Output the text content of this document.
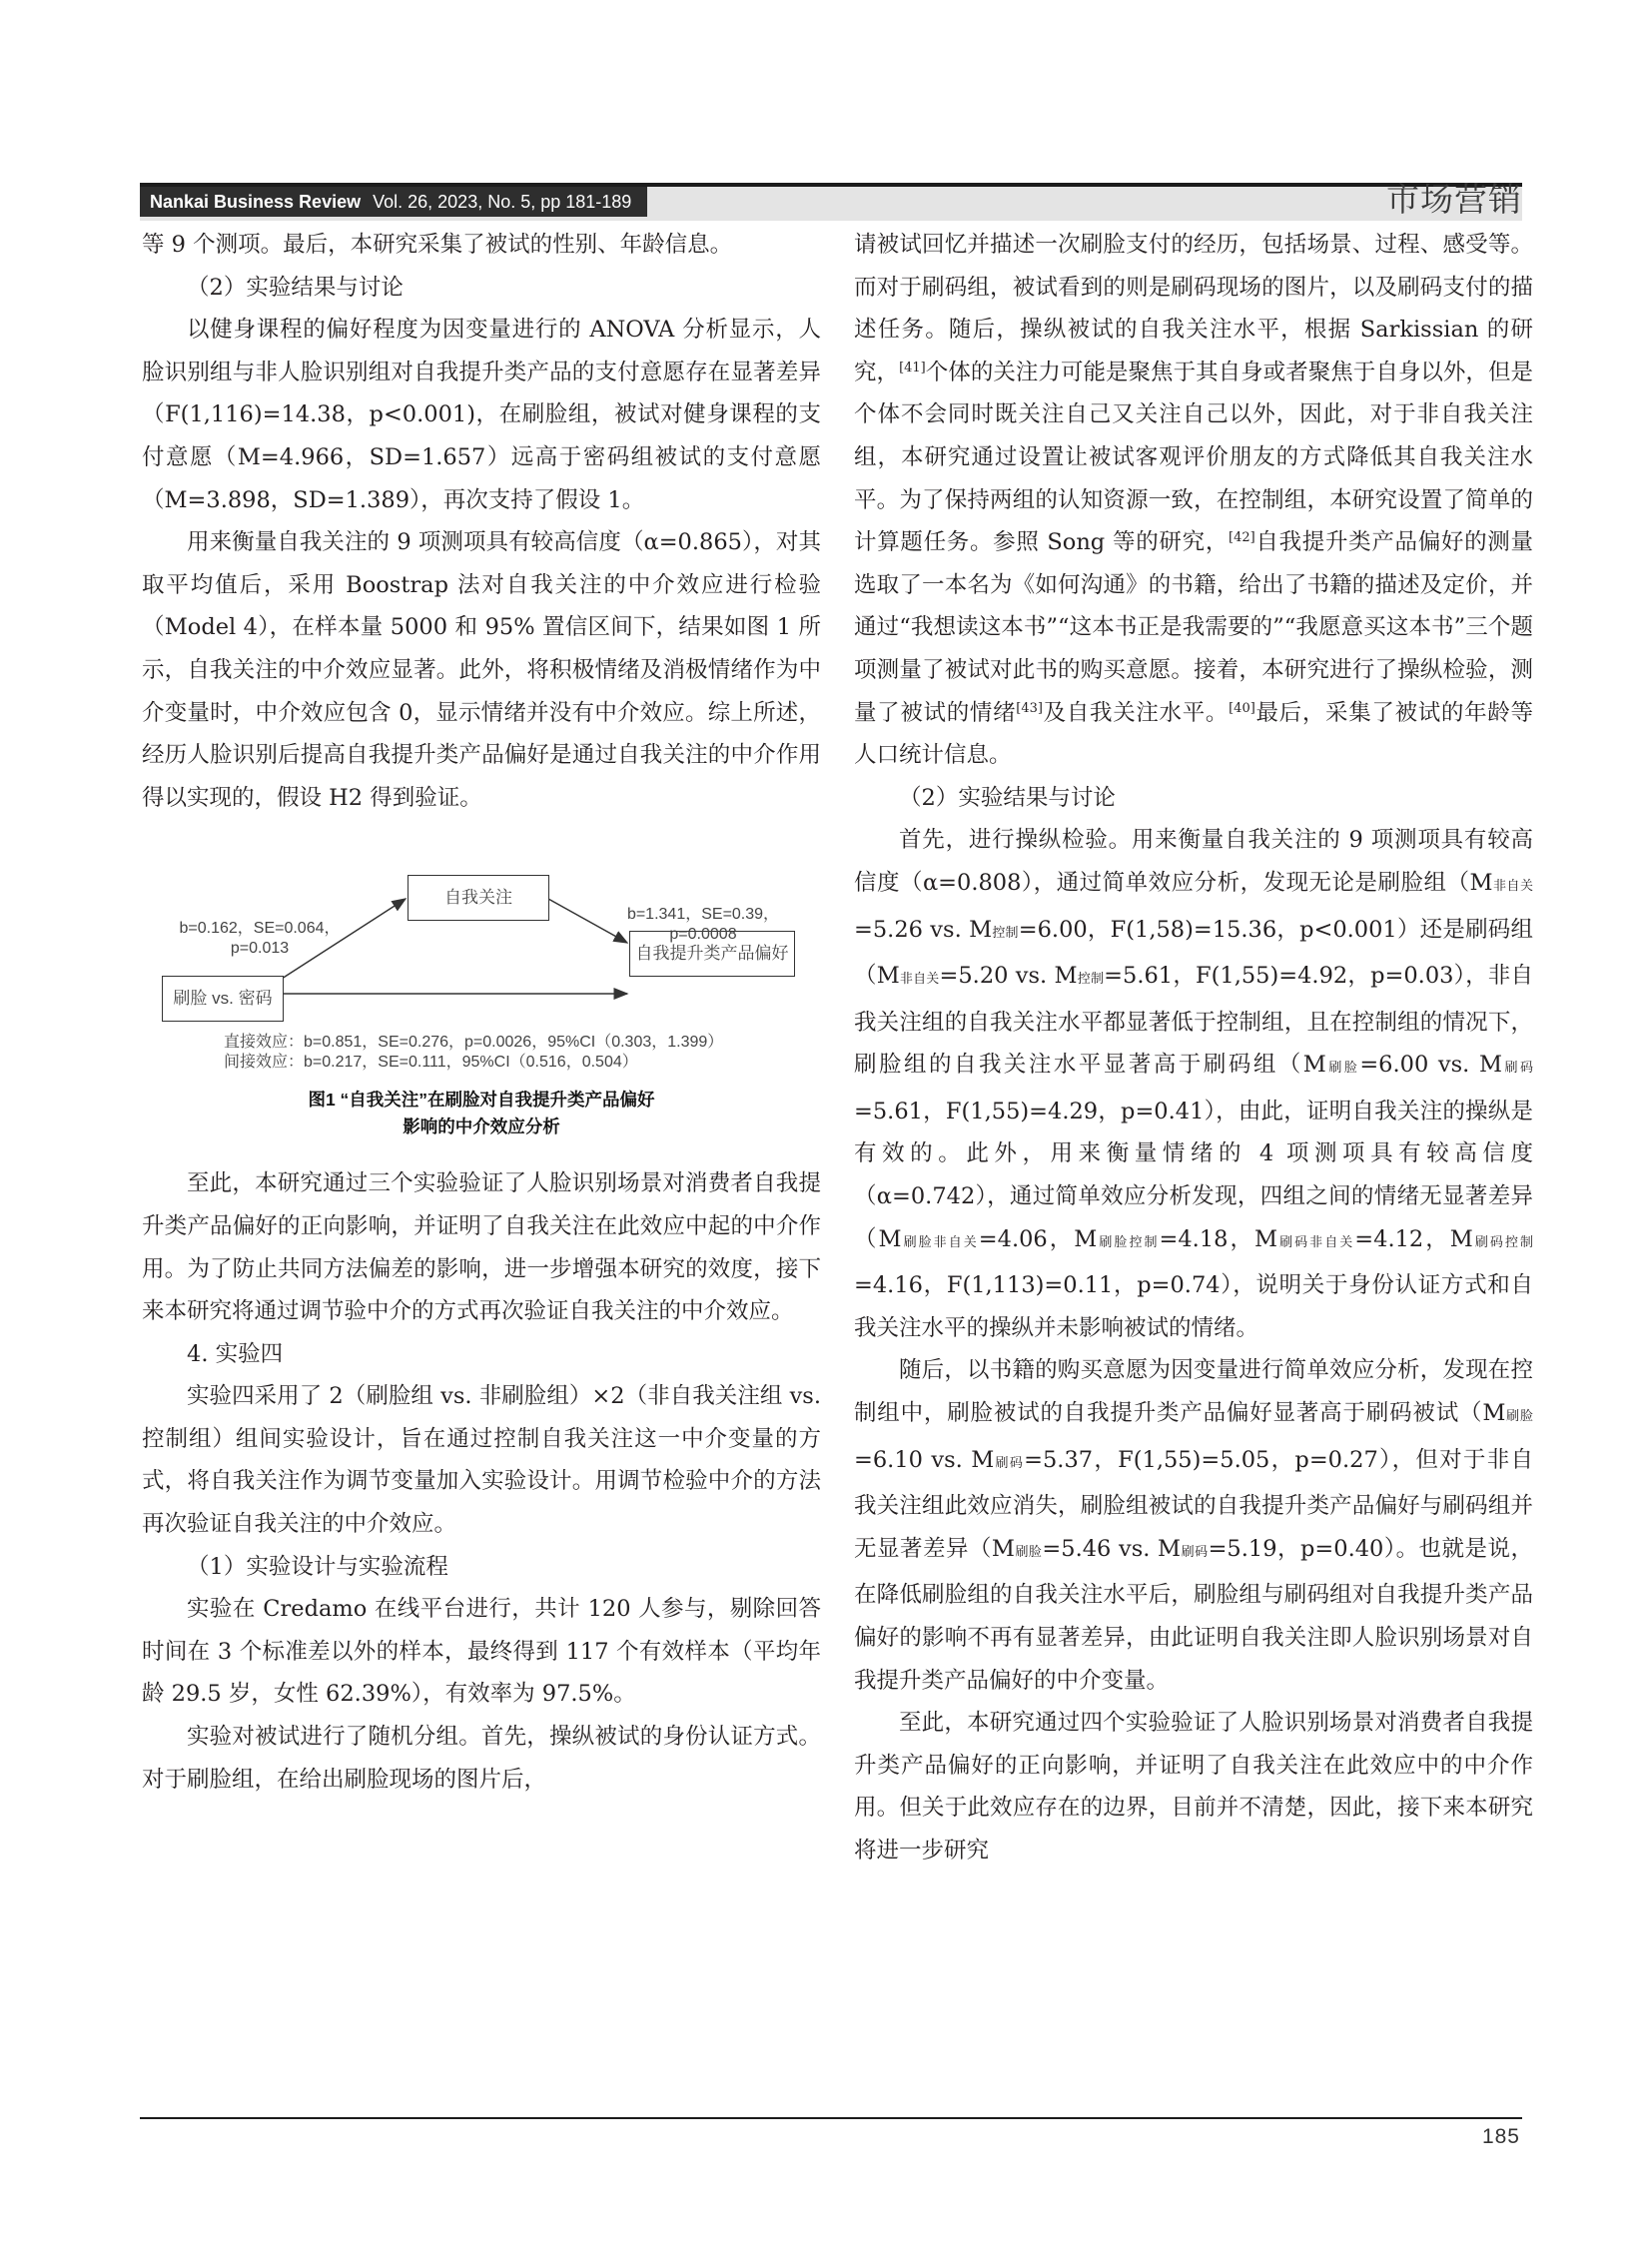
Nankai Business Review Vol. 26, 2023, No. 5, pp 181-189	市场营销

等 9 个测项。最后，本研究采集了被试的性别、年龄信息。

（2）实验结果与讨论

以健身课程的偏好程度为因变量进行的 ANOVA 分析显示，人脸识别组与非人脸识别组对自我提升类产品的支付意愿存在显著差异（F(1,116)=14.38，p<0.001)，在刷脸组，被试对健身课程的支付意愿（M=4.966，SD=1.657）远高于密码组被试的支付意愿（M=3.898，SD=1.389），再次支持了假设 1。

用来衡量自我关注的 9 项测项具有较高信度（α=0.865），对其取平均值后，采用 Boostrap 法对自我关注的中介效应进行检验（Model 4），在样本量 5000 和 95% 置信区间下，结果如图 1 所示，自我关注的中介效应显著。此外，将积极情绪及消极情绪作为中介变量时，中介效应包含 0，显示情绪并没有中介效应。综上所述，经历人脸识别后提高自我提升类产品偏好是通过自我关注的中介作用得以实现的，假设 H2 得到验证。

自我关注
刷脸 vs. 密码
自我提升类产品偏好
b=0.162，SE=0.064，
p=0.013
b=1.341，SE=0.39，
p=0.0008
直接效应：b=0.851，SE=0.276，p=0.0026，95%CI（0.303，1.399）
间接效应：b=0.217，SE=0.111，95%CI（0.516，0.504）
图1 “自我关注”在刷脸对自我提升类产品偏好
影响的中介效应分析

至此，本研究通过三个实验验证了人脸识别场景对消费者自我提升类产品偏好的正向影响，并证明了自我关注在此效应中起的中介作用。为了防止共同方法偏差的影响，进一步增强本研究的效度，接下来本研究将通过调节验中介的方式再次验证自我关注的中介效应。

4. 实验四

实验四采用了 2（刷脸组 vs. 非刷脸组）×2（非自我关注组 vs. 控制组）组间实验设计，旨在通过控制自我关注这一中介变量的方式，将自我关注作为调节变量加入实验设计。用调节检验中介的方法再次验证自我关注的中介效应。

（1）实验设计与实验流程

实验在 Credamo 在线平台进行，共计 120 人参与，剔除回答时间在 3 个标准差以外的样本，最终得到 117 个有效样本（平均年龄 29.5 岁，女性 62.39%），有效率为 97.5%。

实验对被试进行了随机分组。首先，操纵被试的身份认证方式。对于刷脸组，在给出刷脸现场的图片后，

请被试回忆并描述一次刷脸支付的经历，包括场景、过程、感受等。而对于刷码组，被试看到的则是刷码现场的图片，以及刷码支付的描述任务。随后，操纵被试的自我关注水平，根据 Sarkissian 的研究，[41]个体的关注力可能是聚焦于其自身或者聚焦于自身以外，但是个体不会同时既关注自己又关注自己以外，因此，对于非自我关注组，本研究通过设置让被试客观评价朋友的方式降低其自我关注水平。为了保持两组的认知资源一致，在控制组，本研究设置了简单的计算题任务。参照 Song 等的研究，[42]自我提升类产品偏好的测量选取了一本名为《如何沟通》的书籍，给出了书籍的描述及定价，并通过“我想读这本书”“这本书正是我需要的”“我愿意买这本书”三个题项测量了被试对此书的购买意愿。接着，本研究进行了操纵检验，测量了被试的情绪[43]及自我关注水平。[40]最后，采集了被试的年龄等人口统计信息。

（2）实验结果与讨论

首先，进行操纵检验。用来衡量自我关注的 9 项测项具有较高信度（α=0.808），通过简单效应分析，发现无论是刷脸组（M非自关=5.26 vs. M控制=6.00，F(1,58)=15.36，p<0.001）还是刷码组（M非自关=5.20 vs. M控制=5.61，F(1,55)=4.92，p=0.03），非自我关注组的自我关注水平都显著低于控制组，且在控制组的情况下，刷脸组的自我关注水平显著高于刷码组（M刷脸=6.00 vs. M刷码=5.61，F(1,55)=4.29，p=0.41），由此，证明自我关注的操纵是有效的。此外，用来衡量情绪的 4 项测项具有较高信度（α=0.742），通过简单效应分析发现，四组之间的情绪无显著差异（M刷脸非自关=4.06，M刷脸控制=4.18，M刷码非自关=4.12，M刷码控制=4.16，F(1,113)=0.11，p=0.74），说明关于身份认证方式和自我关注水平的操纵并未影响被试的情绪。

随后，以书籍的购买意愿为因变量进行简单效应分析，发现在控制组中，刷脸被试的自我提升类产品偏好显著高于刷码被试（M刷脸=6.10 vs. M刷码=5.37，F(1,55)=5.05，p=0.27），但对于非自我关注组此效应消失，刷脸组被试的自我提升类产品偏好与刷码组并无显著差异（M刷脸=5.46 vs. M刷码=5.19，p=0.40）。也就是说，在降低刷脸组的自我关注水平后，刷脸组与刷码组对自我提升类产品偏好的影响不再有显著差异，由此证明自我关注即人脸识别场景对自我提升类产品偏好的中介变量。

至此，本研究通过四个实验验证了人脸识别场景对消费者自我提升类产品偏好的正向影响，并证明了自我关注在此效应中的中介作用。但关于此效应存在的边界，目前并不清楚，因此，接下来本研究将进一步研究

185
